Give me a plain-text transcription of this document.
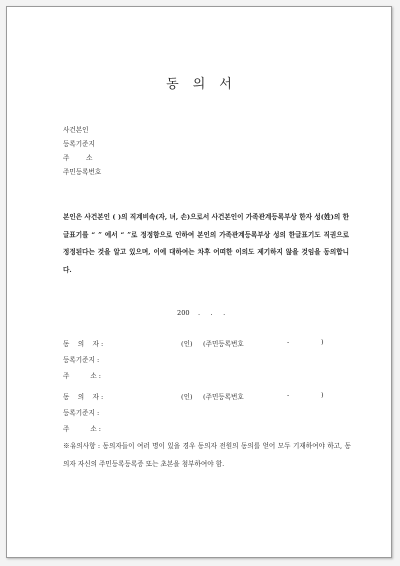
동의서
사건본인
등록기준지
주        소
주민등록번호
본인은 사건본인 ( )의 직계비속(자, 녀, 손)으로서 사건본인이 가족관계등록부상 한자 성(姓)의 한글표기를 “ ” 에서 “ ”로 정정함으로 인하여 본인의 가족관계등록부상 성의 한글표기도 직권으로 정정된다는 것을 알고 있으며, 이에 대하여는 차후 어떠한 이의도 제기하지 않을 것임을 동의합니다.
200    .     .     .
동    의    자 :	(인) (주민등록번호	-	)
등록기준지 :
주          소 :
동    의    자 :	(인) (주민등록번호	-	)
등록기준지 :
주          소 :
※유의사항 : 동의자들이 여러 명이 있을 경우 동의자 전원의 동의를 얻어 모두 기재하여야 하고, 동의자 자신의 주민등록등록증 또는 초본을 첨부하여야 함.
